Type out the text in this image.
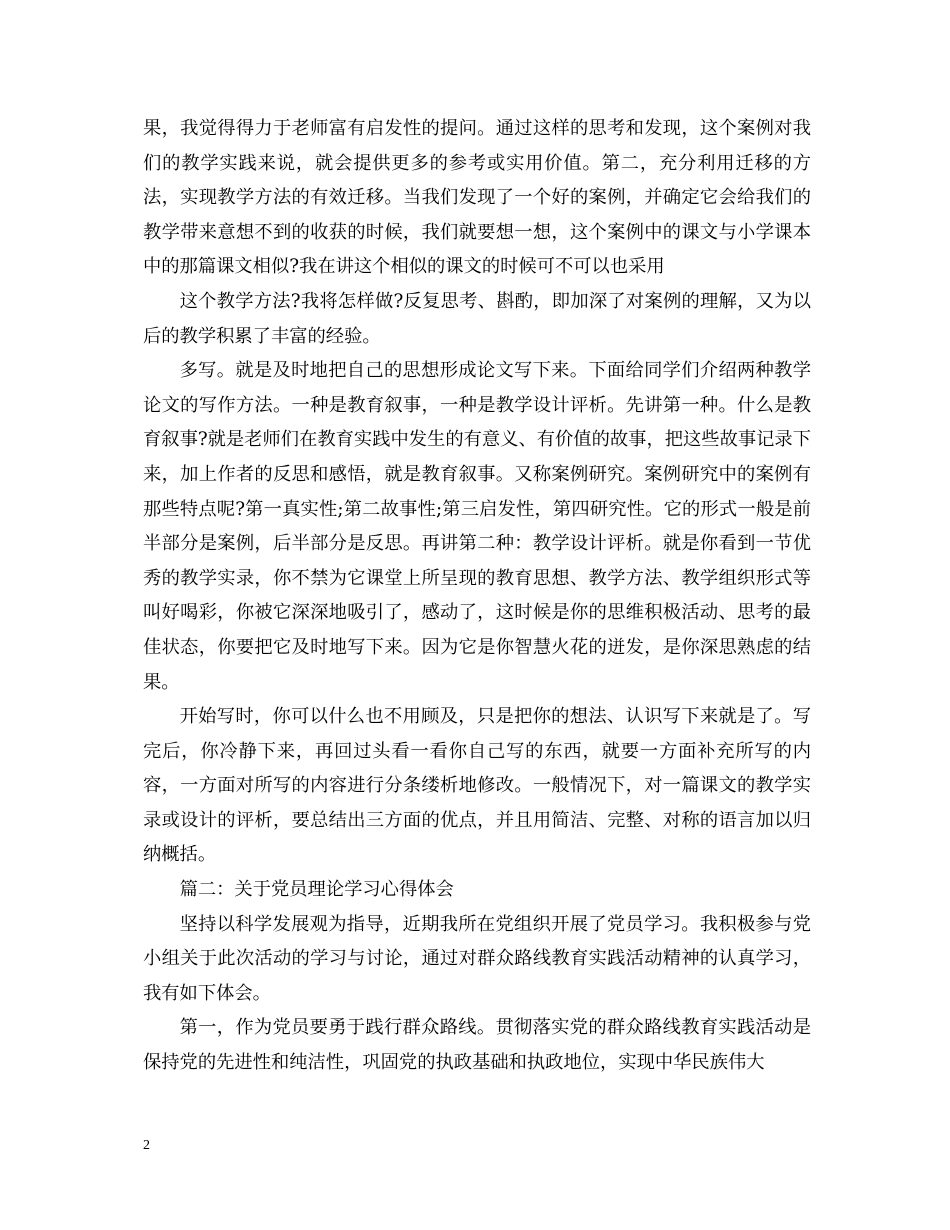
果，我觉得得力于老师富有启发性的提问。通过这样的思考和发现，这个案例对我们的教学实践来说，就会提供更多的参考或实用价值。第二，充分利用迁移的方法，实现教学方法的有效迁移。当我们发现了一个好的案例，并确定它会给我们的教学带来意想不到的收获的时候，我们就要想一想，这个案例中的课文与小学课本中的那篇课文相似?我在讲这个相似的课文的时候可不可以也采用

这个教学方法?我将怎样做?反复思考、斟酌，即加深了对案例的理解，又为以后的教学积累了丰富的经验。

多写。就是及时地把自己的思想形成论文写下来。下面给同学们介绍两种教学论文的写作方法。一种是教育叙事，一种是教学设计评析。先讲第一种。什么是教育叙事?就是老师们在教育实践中发生的有意义、有价值的故事，把这些故事记录下来，加上作者的反思和感悟，就是教育叙事。又称案例研究。案例研究中的案例有那些特点呢?第一真实性;第二故事性;第三启发性，第四研究性。它的形式一般是前半部分是案例，后半部分是反思。再讲第二种：教学设计评析。就是你看到一节优秀的教学实录，你不禁为它课堂上所呈现的教育思想、教学方法、教学组织形式等叫好喝彩，你被它深深地吸引了，感动了，这时候是你的思维积极活动、思考的最佳状态，你要把它及时地写下来。因为它是你智慧火花的迸发，是你深思熟虑的结果。

开始写时，你可以什么也不用顾及，只是把你的想法、认识写下来就是了。写完后，你冷静下来，再回过头看一看你自己写的东西，就要一方面补充所写的内容，一方面对所写的内容进行分条缕析地修改。一般情况下，对一篇课文的教学实录或设计的评析，要总结出三方面的优点，并且用简洁、完整、对称的语言加以归纳概括。

篇二：关于党员理论学习心得体会

坚持以科学发展观为指导，近期我所在党组织开展了党员学习。我积极参与党小组关于此次活动的学习与讨论，通过对群众路线教育实践活动精神的认真学习，我有如下体会。

第一，作为党员要勇于践行群众路线。贯彻落实党的群众路线教育实践活动是保持党的先进性和纯洁性，巩固党的执政基础和执政地位，实现中华民族伟大

2
